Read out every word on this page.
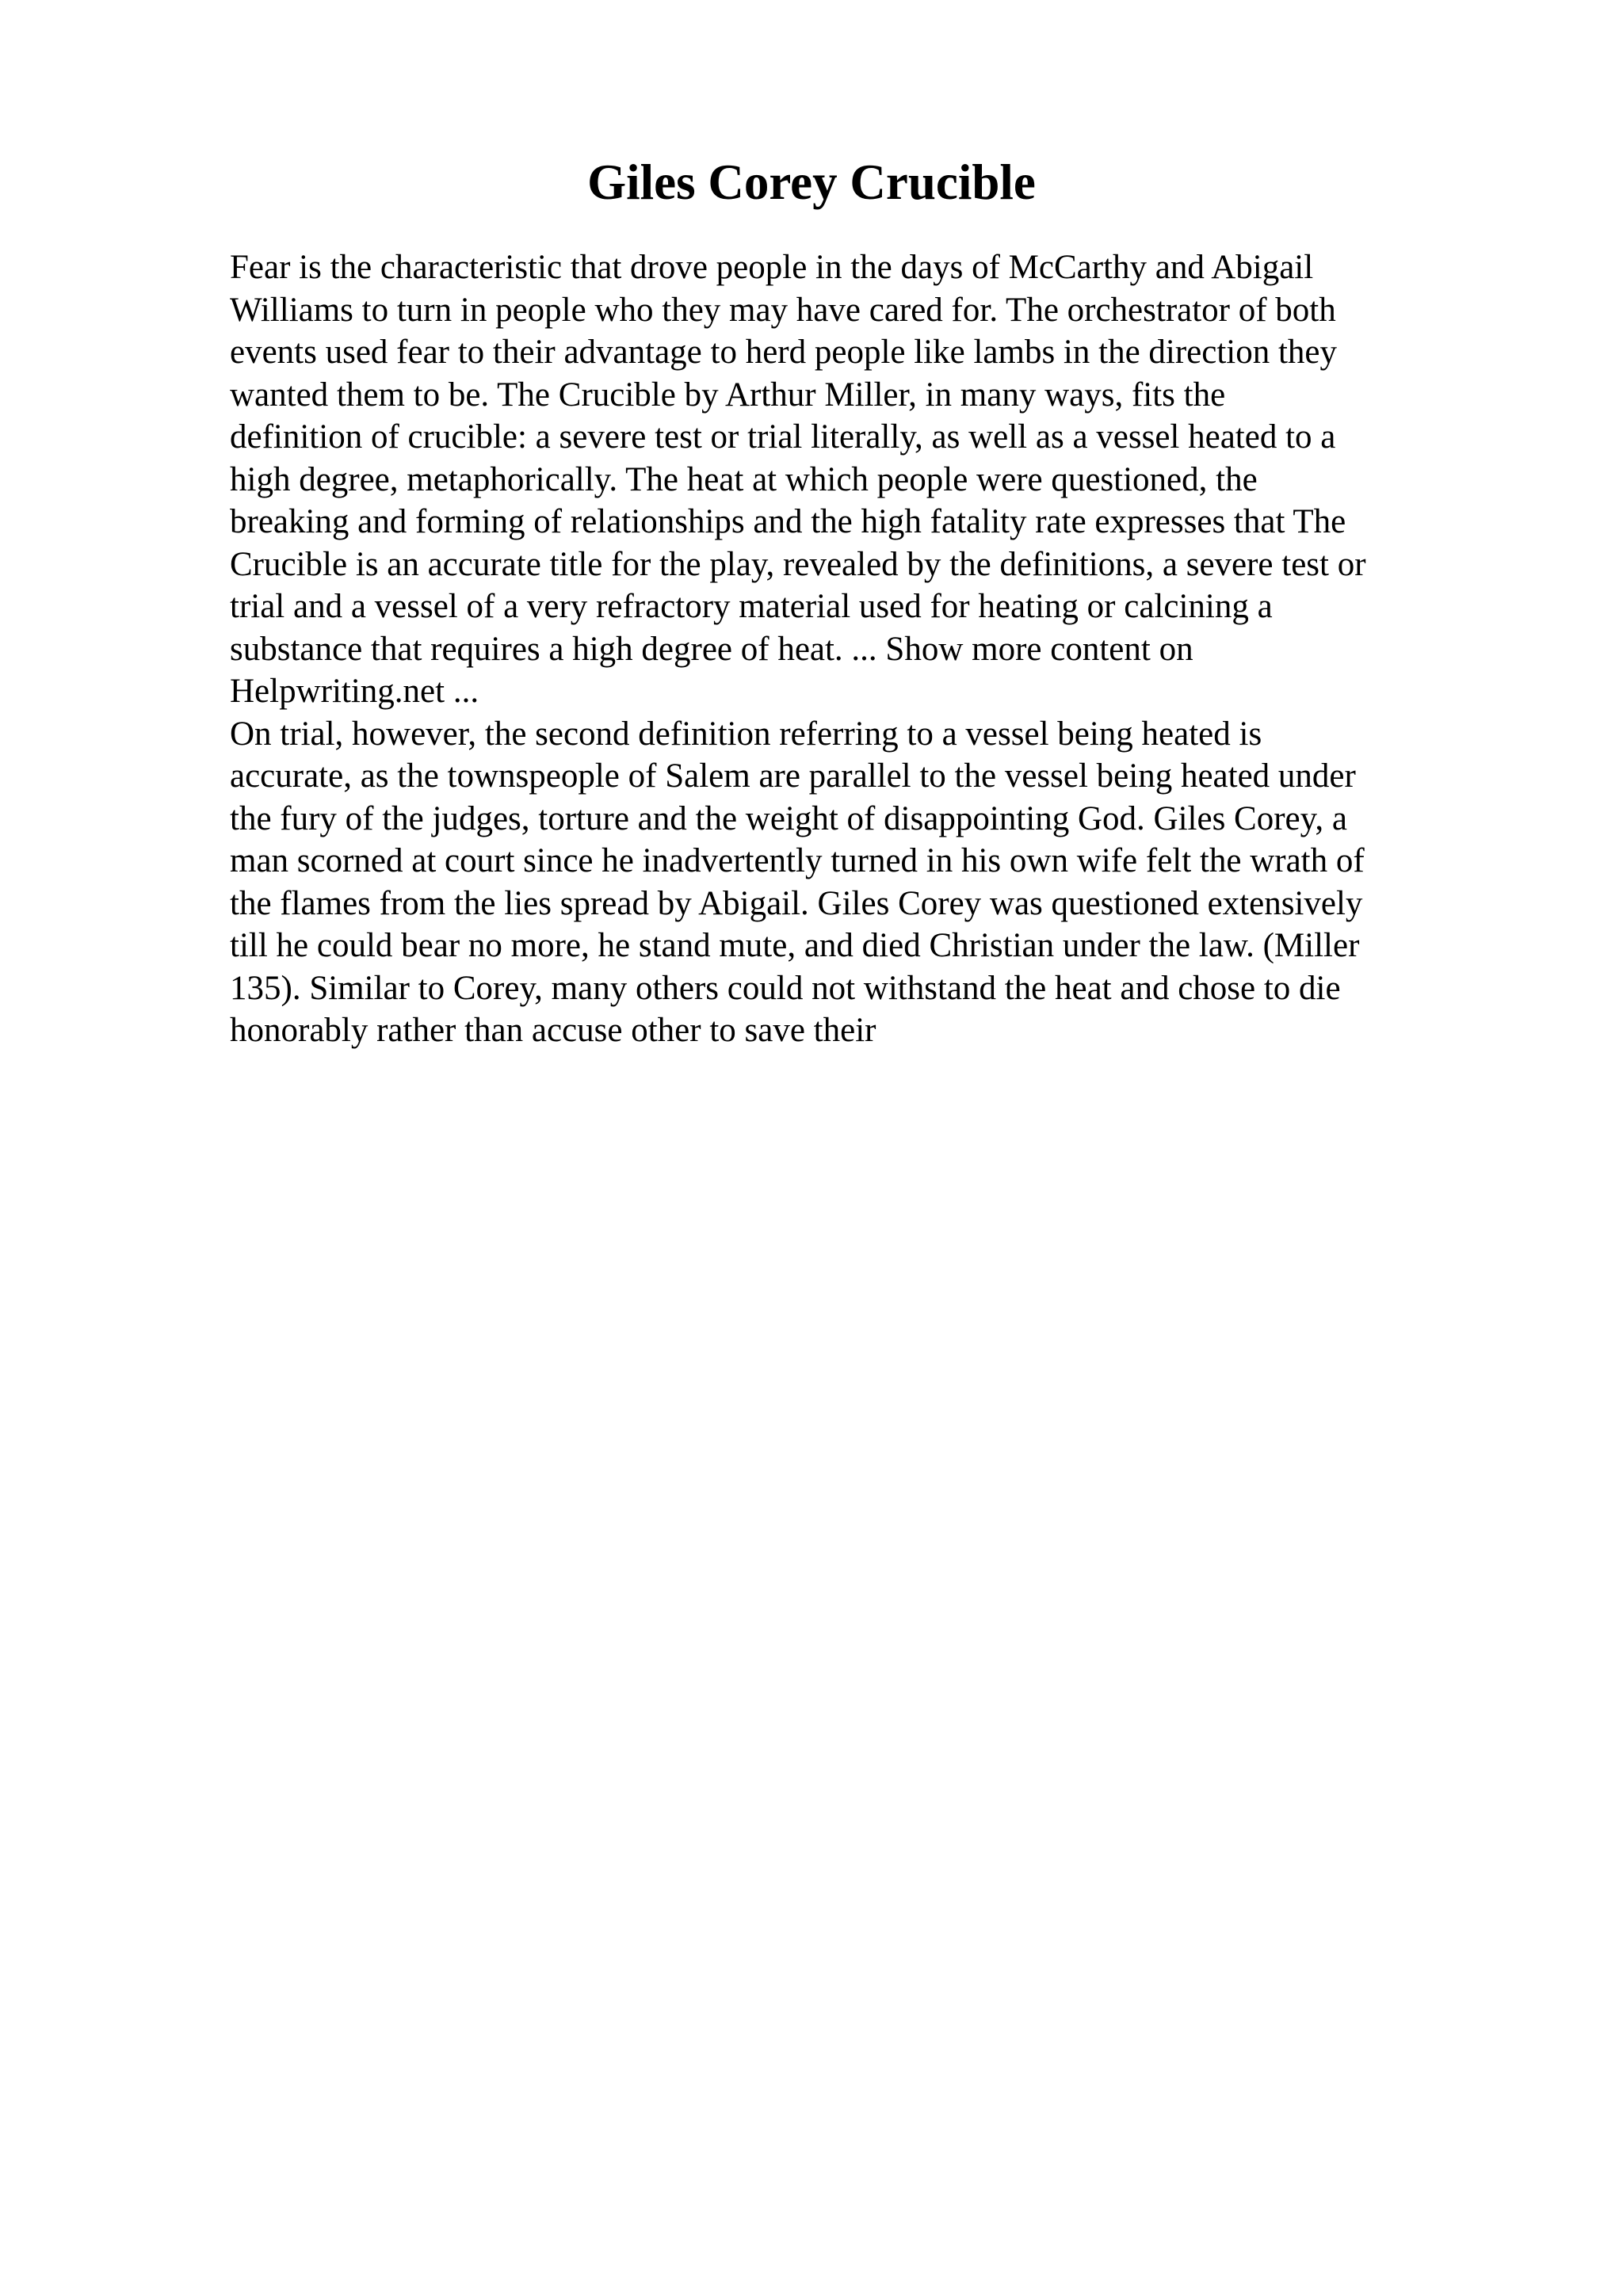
Giles Corey Crucible
Fear is the characteristic that drove people in the days of McCarthy and Abigail
Williams to turn in people who they may have cared for. The orchestrator of both
events used fear to their advantage to herd people like lambs in the direction they
wanted them to be. The Crucible by Arthur Miller, in many ways, fits the
definition of crucible: a severe test or trial literally, as well as a vessel heated to a
high degree, metaphorically. The heat at which people were questioned, the
breaking and forming of relationships and the high fatality rate expresses that The
Crucible is an accurate title for the play, revealed by the definitions, a severe test or
trial and a vessel of a very refractory material used for heating or calcining a
substance that requires a high degree of heat. ... Show more content on
Helpwriting.net ...
On trial, however, the second definition referring to a vessel being heated is
accurate, as the townspeople of Salem are parallel to the vessel being heated under
the fury of the judges, torture and the weight of disappointing God. Giles Corey, a
man scorned at court since he inadvertently turned in his own wife felt the wrath of
the flames from the lies spread by Abigail. Giles Corey was questioned extensively
till he could bear no more, he stand mute, and died Christian under the law. (Miller
135). Similar to Corey, many others could not withstand the heat and chose to die
honorably rather than accuse other to save their
